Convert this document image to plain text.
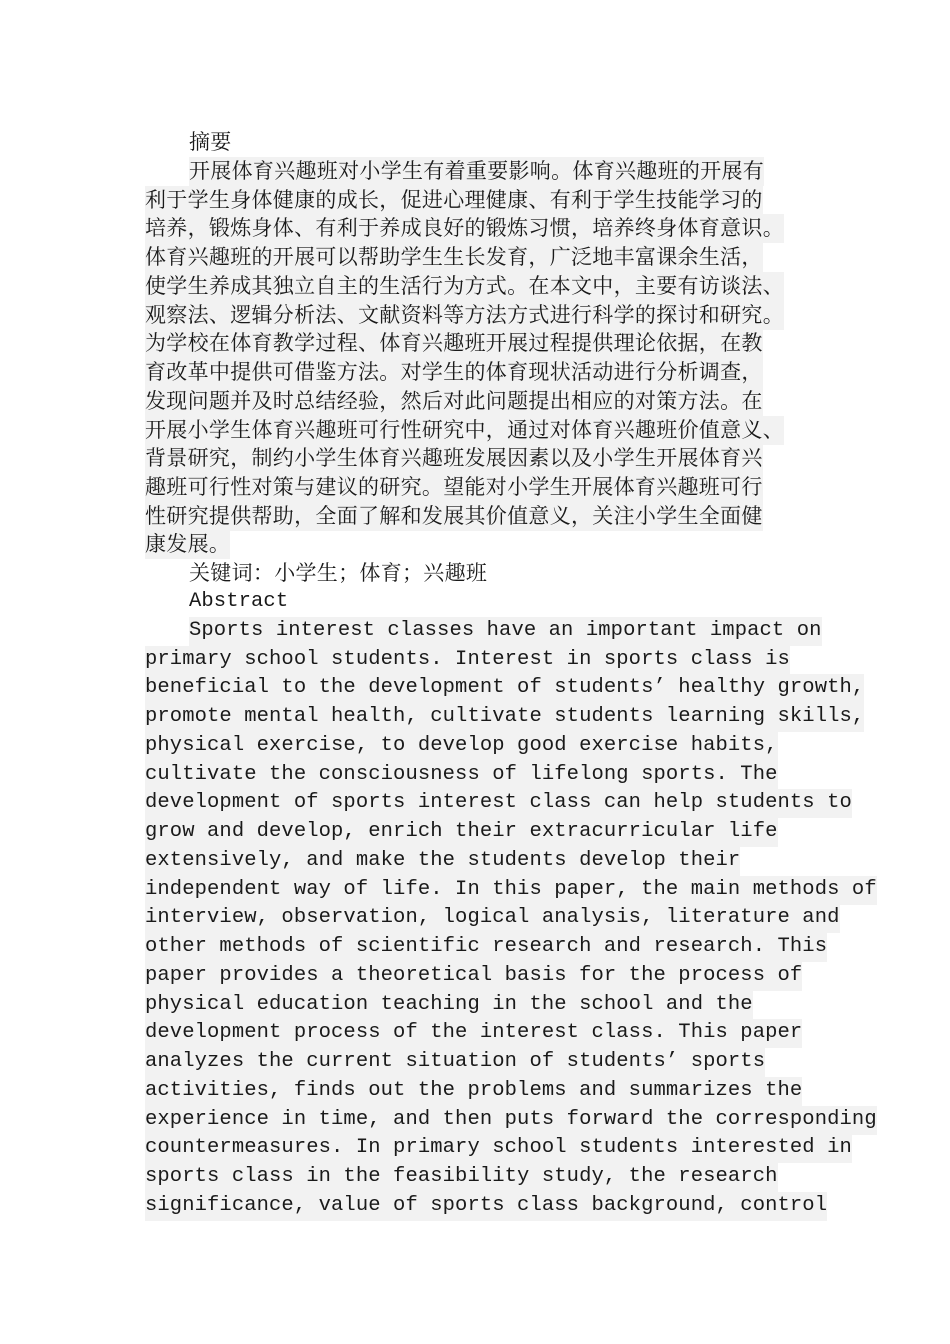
摘要
开展体育兴趣班对小学生有着重要影响。体育兴趣班的开展有
利于学生身体健康的成长，促进心理健康、有利于学生技能学习的
培养，锻炼身体、有利于养成良好的锻炼习惯，培养终身体育意识。
体育兴趣班的开展可以帮助学生生长发育，广泛地丰富课余生活，
使学生养成其独立自主的生活行为方式。在本文中，主要有访谈法、
观察法、逻辑分析法、文献资料等方法方式进行科学的探讨和研究。
为学校在体育教学过程、体育兴趣班开展过程提供理论依据，在教
育改革中提供可借鉴方法。对学生的体育现状活动进行分析调查，
发现问题并及时总结经验，然后对此问题提出相应的对策方法。在
开展小学生体育兴趣班可行性研究中，通过对体育兴趣班价值意义、
背景研究，制约小学生体育兴趣班发展因素以及小学生开展体育兴
趣班可行性对策与建议的研究。望能对小学生开展体育兴趣班可行
性研究提供帮助，全面了解和发展其价值意义，关注小学生全面健
康发展。
关键词：小学生；体育；兴趣班
Abstract
Sports interest classes have an important impact on
primary school students. Interest in sports class is
beneficial to the development of students’ healthy growth,
promote mental health, cultivate students learning skills,
physical exercise, to develop good exercise habits,
cultivate the consciousness of lifelong sports. The
development of sports interest class can help students to
grow and develop, enrich their extracurricular life
extensively, and make the students develop their
independent way of life. In this paper, the main methods of
interview, observation, logical analysis, literature and
other methods of scientific research and research. This
paper provides a theoretical basis for the process of
physical education teaching in the school and the
development process of the interest class. This paper
analyzes the current situation of students’ sports
activities, finds out the problems and summarizes the
experience in time, and then puts forward the corresponding
countermeasures. In primary school students interested in
sports class in the feasibility study, the research
significance, value of sports class background, control
